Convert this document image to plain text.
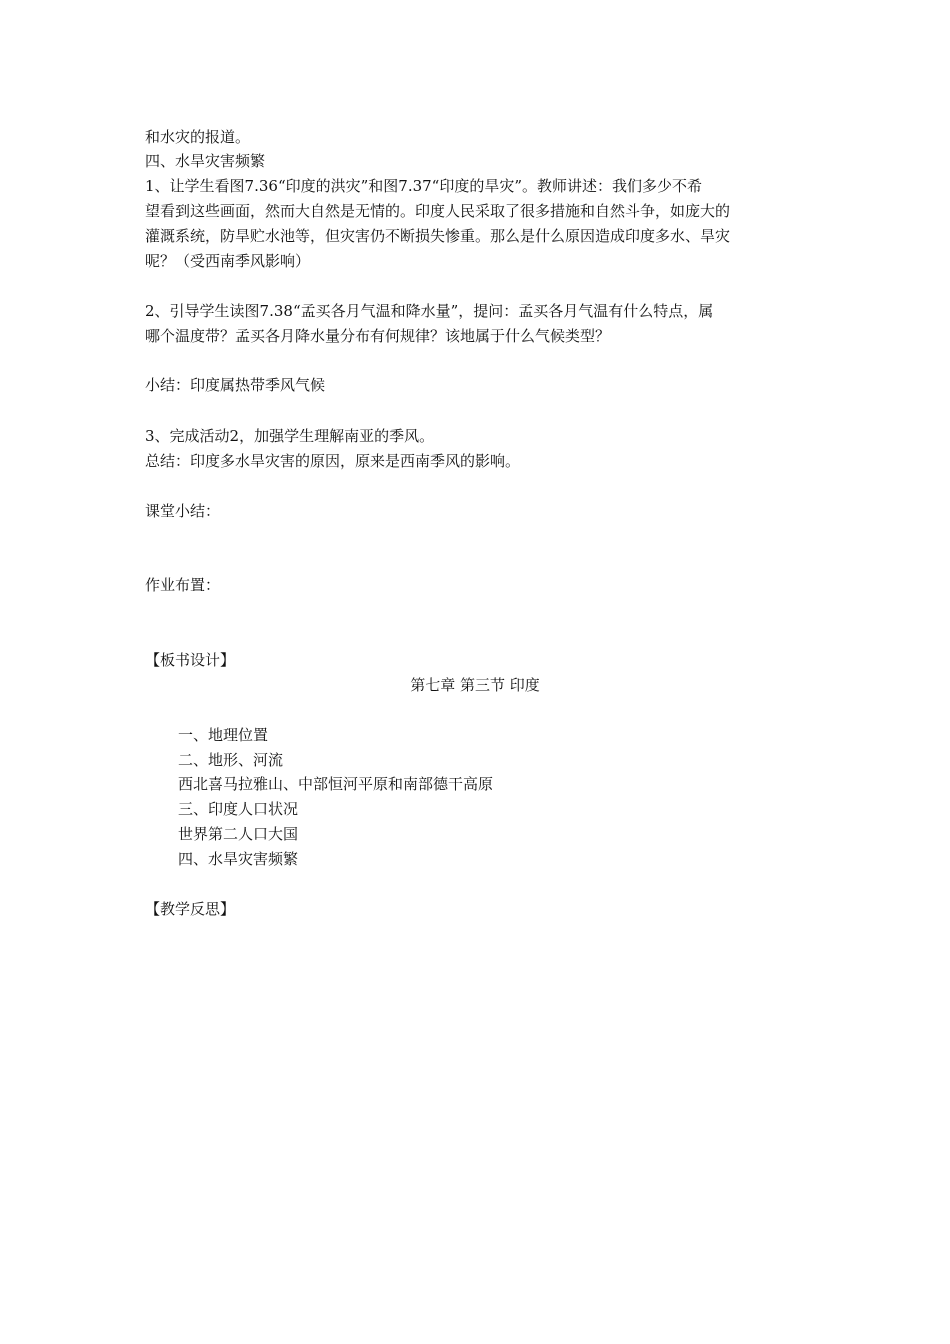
和水灾的报道。

四、水旱灾害频繁

1、让学生看图7.36“印度的洪灾”和图7.37“印度的旱灾”。教师讲述：我们多少不希

望看到这些画面，然而大自然是无情的。印度人民采取了很多措施和自然斗争，如庞大的

灌溉系统，防旱贮水池等，但灾害仍不断损失惨重。那么是什么原因造成印度多水、旱灾

呢？（受西南季风影响）

2、引导学生读图7.38“孟买各月气温和降水量”，提问：孟买各月气温有什么特点，属

哪个温度带？孟买各月降水量分布有何规律？该地属于什么气候类型？

小结：印度属热带季风气候

3、完成活动2，加强学生理解南亚的季风。

总结：印度多水旱灾害的原因，原来是西南季风的影响。

课堂小结：

作业布置：

【板书设计】

第七章 第三节 印度

一、地理位置

二、地形、河流

西北喜马拉雅山、中部恒河平原和南部德干高原

三、印度人口状况

世界第二人口大国

四、水旱灾害频繁

【教学反思】
